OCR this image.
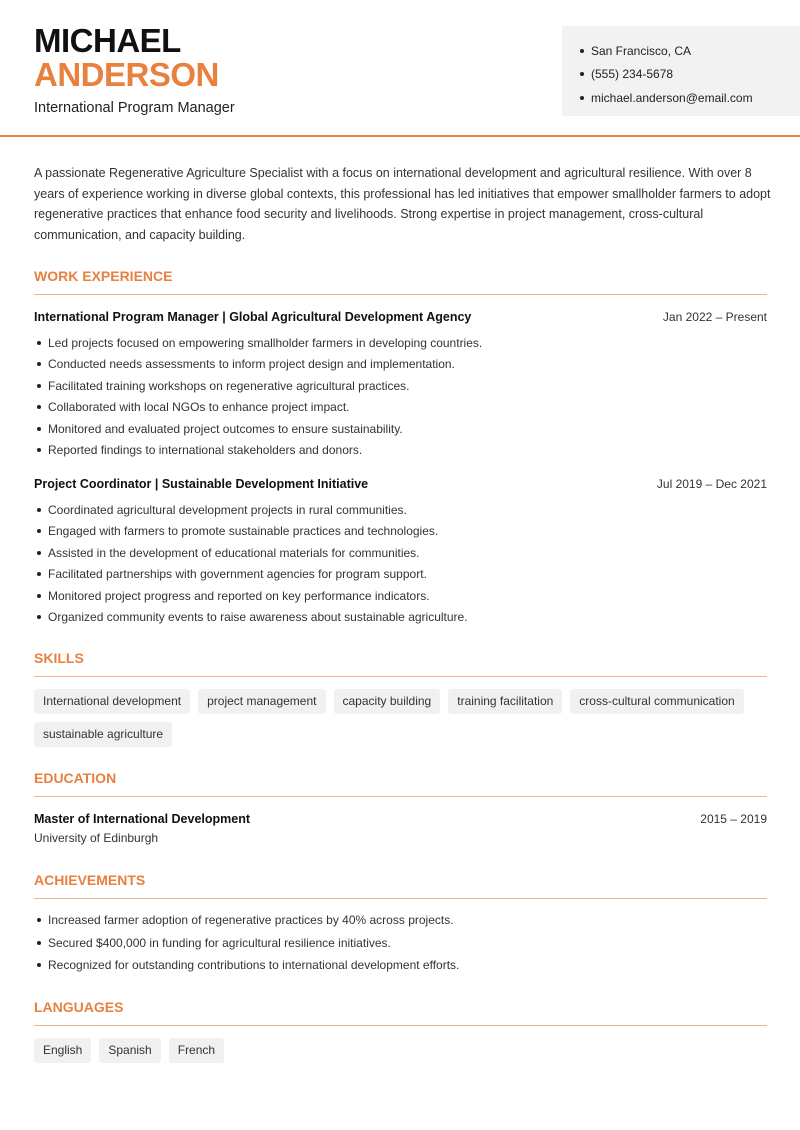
MICHAEL
ANDERSON
International Program Manager
San Francisco, CA
(555) 234-5678
michael.anderson@email.com

A passionate Regenerative Agriculture Specialist with a focus on international development and agricultural resilience. With over 8 years of experience working in diverse global contexts, this professional has led initiatives that empower smallholder farmers to adopt regenerative practices that enhance food security and livelihoods. Strong expertise in project management, cross-cultural communication, and capacity building.

WORK EXPERIENCE
International Program Manager | Global Agricultural Development Agency	Jan 2022 – Present
Led projects focused on empowering smallholder farmers in developing countries.
Conducted needs assessments to inform project design and implementation.
Facilitated training workshops on regenerative agricultural practices.
Collaborated with local NGOs to enhance project impact.
Monitored and evaluated project outcomes to ensure sustainability.
Reported findings to international stakeholders and donors.
Project Coordinator | Sustainable Development Initiative	Jul 2019 – Dec 2021
Coordinated agricultural development projects in rural communities.
Engaged with farmers to promote sustainable practices and technologies.
Assisted in the development of educational materials for communities.
Facilitated partnerships with government agencies for program support.
Monitored project progress and reported on key performance indicators.
Organized community events to raise awareness about sustainable agriculture.
SKILLS
International development	project management	capacity building	training facilitation	cross-cultural communication
sustainable agriculture
EDUCATION
Master of International Development	2015 – 2019
University of Edinburgh
ACHIEVEMENTS
Increased farmer adoption of regenerative practices by 40% across projects.
Secured $400,000 in funding for agricultural resilience initiatives.
Recognized for outstanding contributions to international development efforts.
LANGUAGES
English	Spanish	French
